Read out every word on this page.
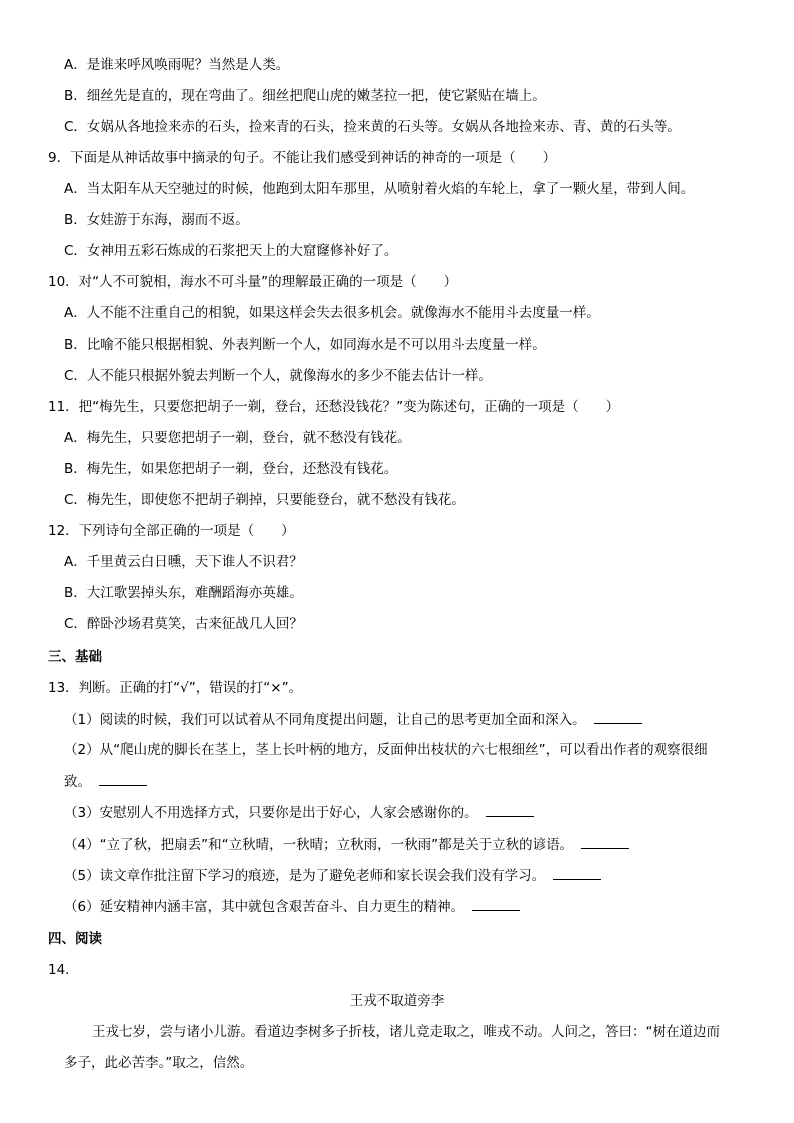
A．是谁来呼风唤雨呢？当然是人类。
B．细丝先是直的，现在弯曲了。细丝把爬山虎的嫩茎拉一把，使它紧贴在墙上。
C．女娲从各地捡来赤的石头，捡来青的石头，捡来黄的石头等。女娲从各地捡来赤、青、黄的石头等。
9．下面是从神话故事中摘录的句子。不能让我们感受到神话的神奇的一项是（　　）
A．当太阳车从天空驰过的时候，他跑到太阳车那里，从喷射着火焰的车轮上，拿了一颗火星，带到人间。
B．女娃游于东海，溺而不返。
C．女神用五彩石炼成的石浆把天上的大窟窿修补好了。
10．对“人不可貌相，海水不可斗量”的理解最正确的一项是（　　）
A．人不能不注重自己的相貌，如果这样会失去很多机会。就像海水不能用斗去度量一样。
B．比喻不能只根据相貌、外表判断一个人，如同海水是不可以用斗去度量一样。
C．人不能只根据外貌去判断一个人，就像海水的多少不能去估计一样。
11．把“梅先生，只要您把胡子一剃，登台，还愁没钱花？”变为陈述句，正确的一项是（　　）
A．梅先生，只要您把胡子一剃，登台，就不愁没有钱花。
B．梅先生，如果您把胡子一剃，登台，还愁没有钱花。
C．梅先生，即使您不把胡子剃掉，只要能登台，就不愁没有钱花。
12．下列诗句全部正确的一项是（　　）
A．千里黄云白日曛，天下谁人不识君？
B．大江歌罢掉头东，难酬蹈海亦英雄。
C．醉卧沙场君莫笑，古来征战几人回？
三、基础
13．判断。正确的打“√”，错误的打“×”。
（1）阅读的时候，我们可以试着从不同角度提出问题，让自己的思考更加全面和深入。
（2）从“爬山虎的脚长在茎上，茎上长叶柄的地方，反面伸出枝状的六七根细丝”，可以看出作者的观察很细
致。
（3）安慰别人不用选择方式，只要你是出于好心，人家会感谢你的。
（4）“立了秋，把扇丢”和“立秋晴，一秋晴；立秋雨，一秋雨”都是关于立秋的谚语。
（5）读文章作批注留下学习的痕迹，是为了避免老师和家长误会我们没有学习。
（6）延安精神内涵丰富，其中就包含艰苦奋斗、自力更生的精神。
四、阅读
14．
王戎不取道旁李
王戎七岁，尝与诸小儿游。看道边李树多子折枝，诸儿竞走取之，唯戎不动。人问之，答曰：“树在道边而
多子，此必苦李。”取之，信然。
